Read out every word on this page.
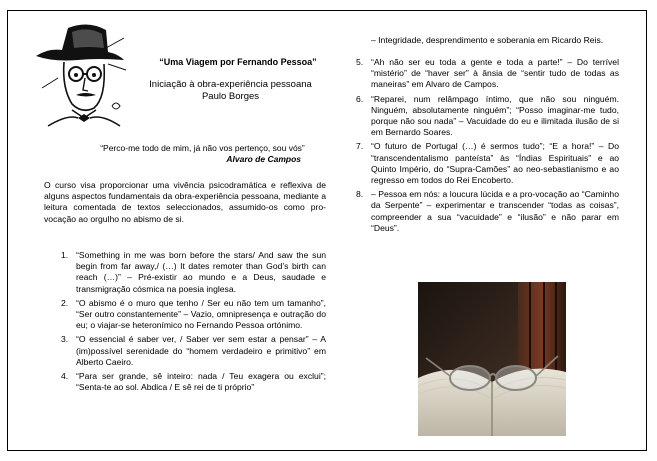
“Uma Viagem por Fernando Pessoa”
Iniciação à obra-experiência pessoana
Paulo Borges
“Perco-me todo de mim, já não vos pertenço, sou vós”
Alvaro de Campos
O curso visa proporcionar uma vivência psicodramática e reflexiva de alguns aspectos fundamentais da obra-experiência pessoana, mediante a leitura comentada de textos seleccionados, assumido-os como pro-vocação ao orgulho no abismo de si.
1. “Something in me was born before the stars/ And saw the sun begin from far away,/ (…) It dates remoter than God’s birth can reach (…)” – Pré-existir ao mundo e a Deus, saudade e transmigração cósmica na poesia inglesa.
2. “O abismo é o muro que tenho / Ser eu não tem um tamanho”, “Ser outro constantemente” – Vazio, omnipresença e outração do eu; o viajar-se heteronímico no Fernando Pessoa ortónimo.
3. “O essencial é saber ver, / Saber ver sem estar a pensar” – A (im)possível serenidade do “homem verdadeiro e primitivo” em Alberto Caeiro.
4. “Para ser grande, sê inteiro: nada / Teu exagera ou exclui”; “Senta-te ao sol. Abdica / E sê rei de ti próprio”
– Integridade, desprendimento e soberania em Ricardo Reis.
5. “Ah não ser eu toda a gente e toda a parte!” – Do terrível “mistério” de “haver ser” à ânsia de “sentir tudo de todas as maneiras” em Alvaro de Campos.
6. “Reparei, num relâmpago íntimo, que não sou ninguém. Ninguém, absolutamente ninguém”; “Posso imaginar-me tudo, porque não sou nada” – Vacuidade do eu e ilimitada ilusão de si em Bernardo Soares.
7. “O futuro de Portugal (…) é sermos tudo”; “E a hora!” – Do “transcendentalismo panteísta” às “Índias Espirituais” e ao Quinto Império, do “Supra-Camões” ao neo-sebastianismo e ao regresso em todos do Rei Encoberto.
8. – Pessoa em nós: a loucura lúcida e a pro-vocação ao “Caminho da Serpente” – experimentar e transcender “todas as coisas”, compreender a sua “vacuidade” e “ilusão” e não parar em “Deus”.
